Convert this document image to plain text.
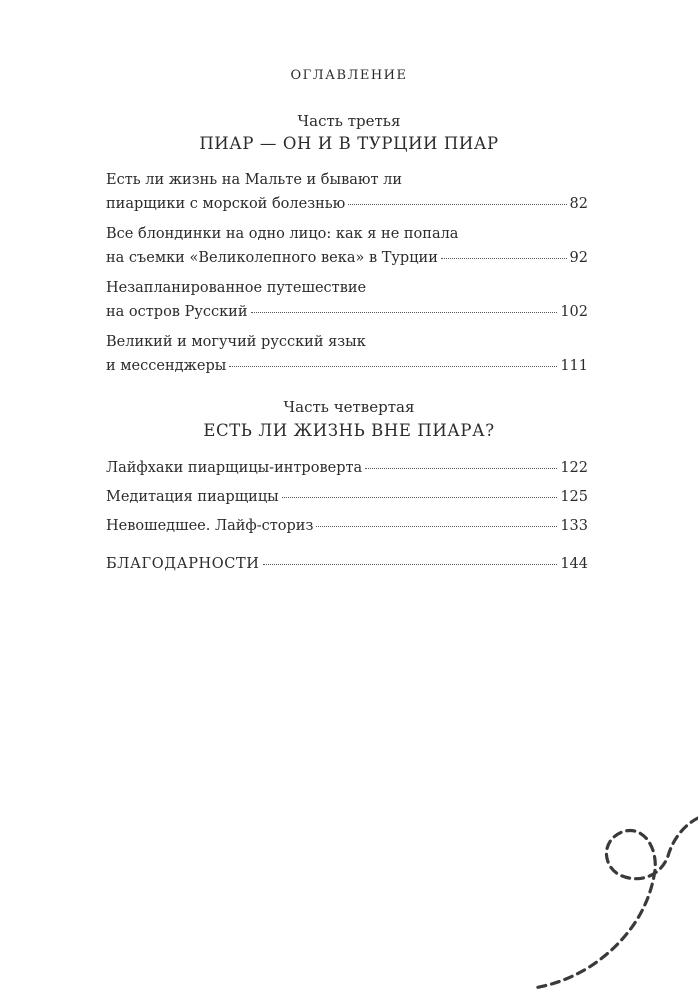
ОГЛАВЛЕНИЕ
Часть третья
ПИАР — ОН И В ТУРЦИИ ПИАР
Есть ли жизнь на Мальте и бывают ли
пиарщики с морской болезнью	82
Все блондинки на одно лицо: как я не попала
на съемки «Великолепного века» в Турции	92
Незапланированное путешествие
на остров Русский	102
Великий и могучий русский язык
и мессенджеры	111
Часть четвертая
ЕСТЬ ЛИ ЖИЗНЬ ВНЕ ПИАРА?
Лайфхаки пиарщицы-интроверта	122
Медитация пиарщицы	125
Невошедшее. Лайф-сториз	133
БЛАГОДАРНОСТИ	144
